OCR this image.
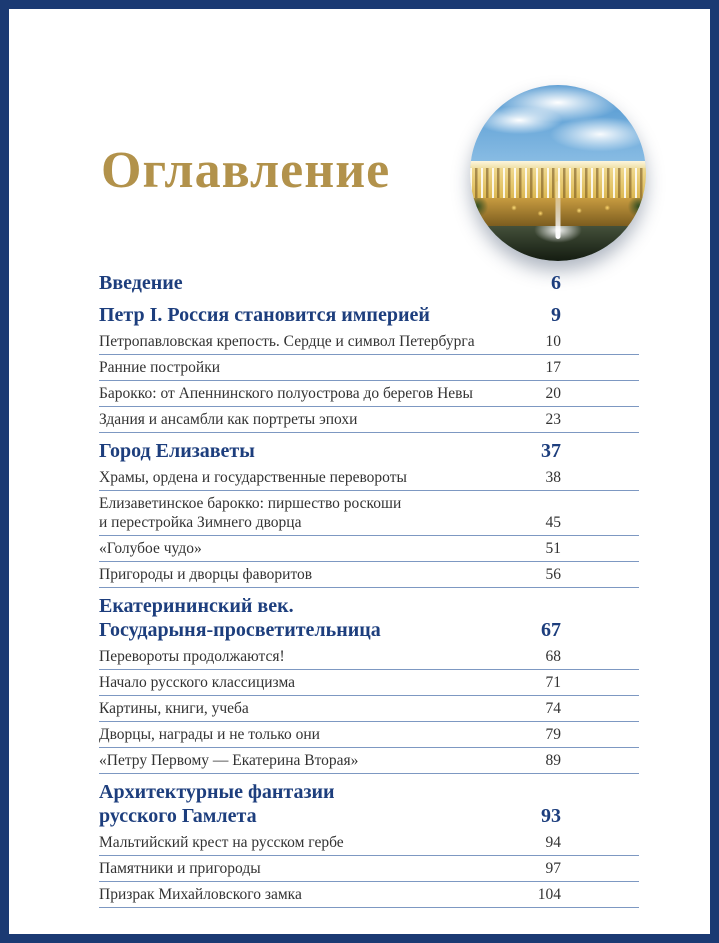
Оглавление
Введение	6
Петр I. Россия становится империей	9
Петропавловская крепость. Сердце и символ Петербурга	10
Ранние постройки	17
Барокко: от Апеннинского полуострова до берегов Невы	20
Здания и ансамбли как портреты эпохи	23
Город Елизаветы	37
Храмы, ордена и государственные перевороты	38
Елизаветинское барокко: пиршество роскоши
и перестройка Зимнего дворца	45
«Голубое чудо»	51
Пригороды и дворцы фаворитов	56
Екатерининский век.
Государыня-просветительница	67
Перевороты продолжаются!	68
Начало русского классицизма	71
Картины, книги, учеба	74
Дворцы, награды и не только они	79
«Петру Первому — Екатерина Вторая»	89
Архитектурные фантазии
русского Гамлета	93
Мальтийский крест на русском гербе	94
Памятники и пригороды	97
Призрак Михайловского замка	104
